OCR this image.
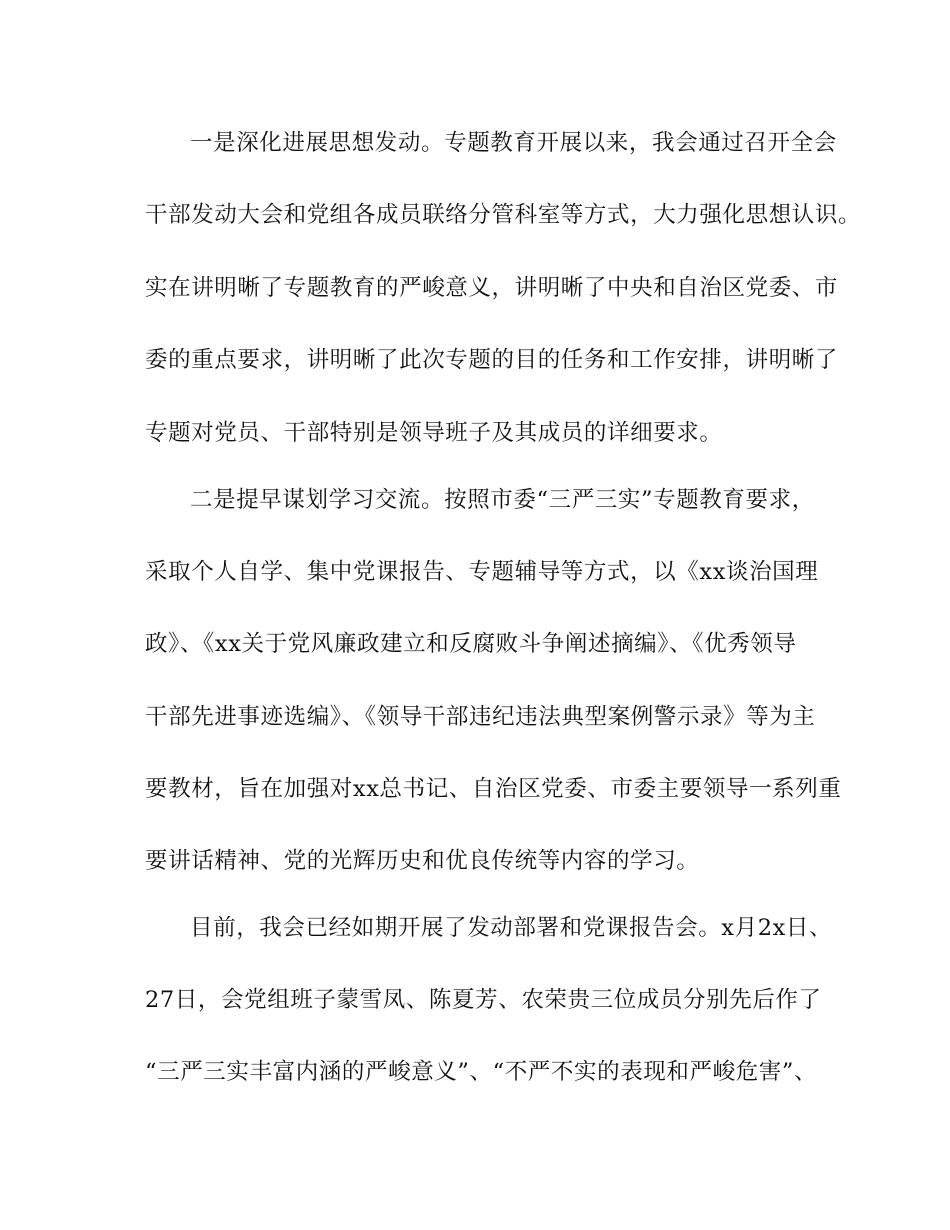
一是深化进展思想发动。专题教育开展以来，我会通过召开全会
干部发动大会和党组各成员联络分管科室等方式，大力强化思想认识。
实在讲明晰了专题教育的严峻意义，讲明晰了中央和自治区党委、市
委的重点要求，讲明晰了此次专题的目的任务和工作安排，讲明晰了
专题对党员、干部特别是领导班子及其成员的详细要求。
二是提早谋划学习交流。按照市委“三严三实”专题教育要求，
采取个人自学、集中党课报告、专题辅导等方式，以《xx谈治国理
政》、《xx关于党风廉政建立和反腐败斗争阐述摘编》、《优秀领导
干部先进事迹选编》、《领导干部违纪违法典型案例警示录》等为主
要教材，旨在加强对xx总书记、自治区党委、市委主要领导一系列重
要讲话精神、党的光辉历史和优良传统等内容的学习。
目前，我会已经如期开展了发动部署和党课报告会。x月2x日、
27日，会党组班子蒙雪凤、陈夏芳、农荣贵三位成员分别先后作了
“三严三实丰富内涵的严峻意义”、“不严不实的表现和严峻危害”、
